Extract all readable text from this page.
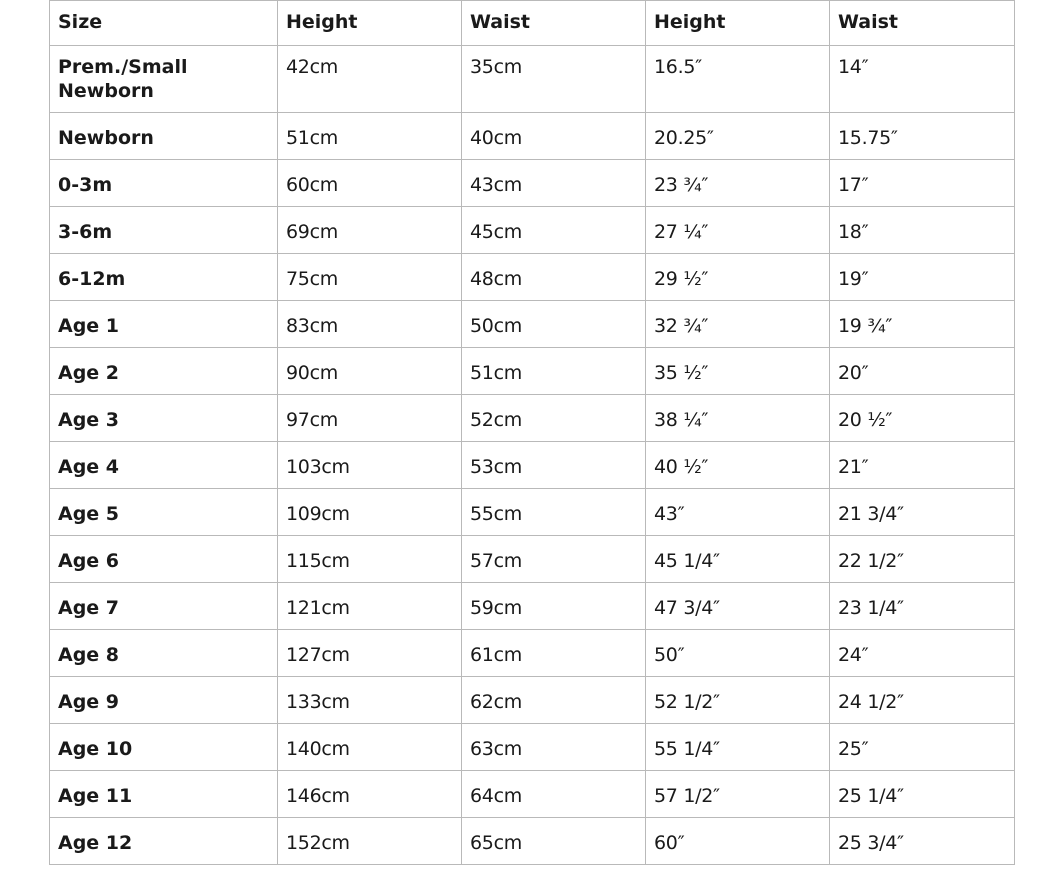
Size	Height	Waist	Height	Waist
Prem./Small Newborn	42cm	35cm	16.5″	14″
Newborn	51cm	40cm	20.25″	15.75″
0-3m	60cm	43cm	23 ¾″	17″
3-6m	69cm	45cm	27 ¼″	18″
6-12m	75cm	48cm	29 ½″	19″
Age 1	83cm	50cm	32 ¾″	19 ¾″
Age 2	90cm	51cm	35 ½″	20″
Age 3	97cm	52cm	38 ¼″	20 ½″
Age 4	103cm	53cm	40 ½″	21″
Age 5	109cm	55cm	43″	21 3/4″
Age 6	115cm	57cm	45 1/4″	22 1/2″
Age 7	121cm	59cm	47 3/4″	23 1/4″
Age 8	127cm	61cm	50″	24″
Age 9	133cm	62cm	52 1/2″	24 1/2″
Age 10	140cm	63cm	55 1/4″	25″
Age 11	146cm	64cm	57 1/2″	25 1/4″
Age 12	152cm	65cm	60″	25 3/4″
